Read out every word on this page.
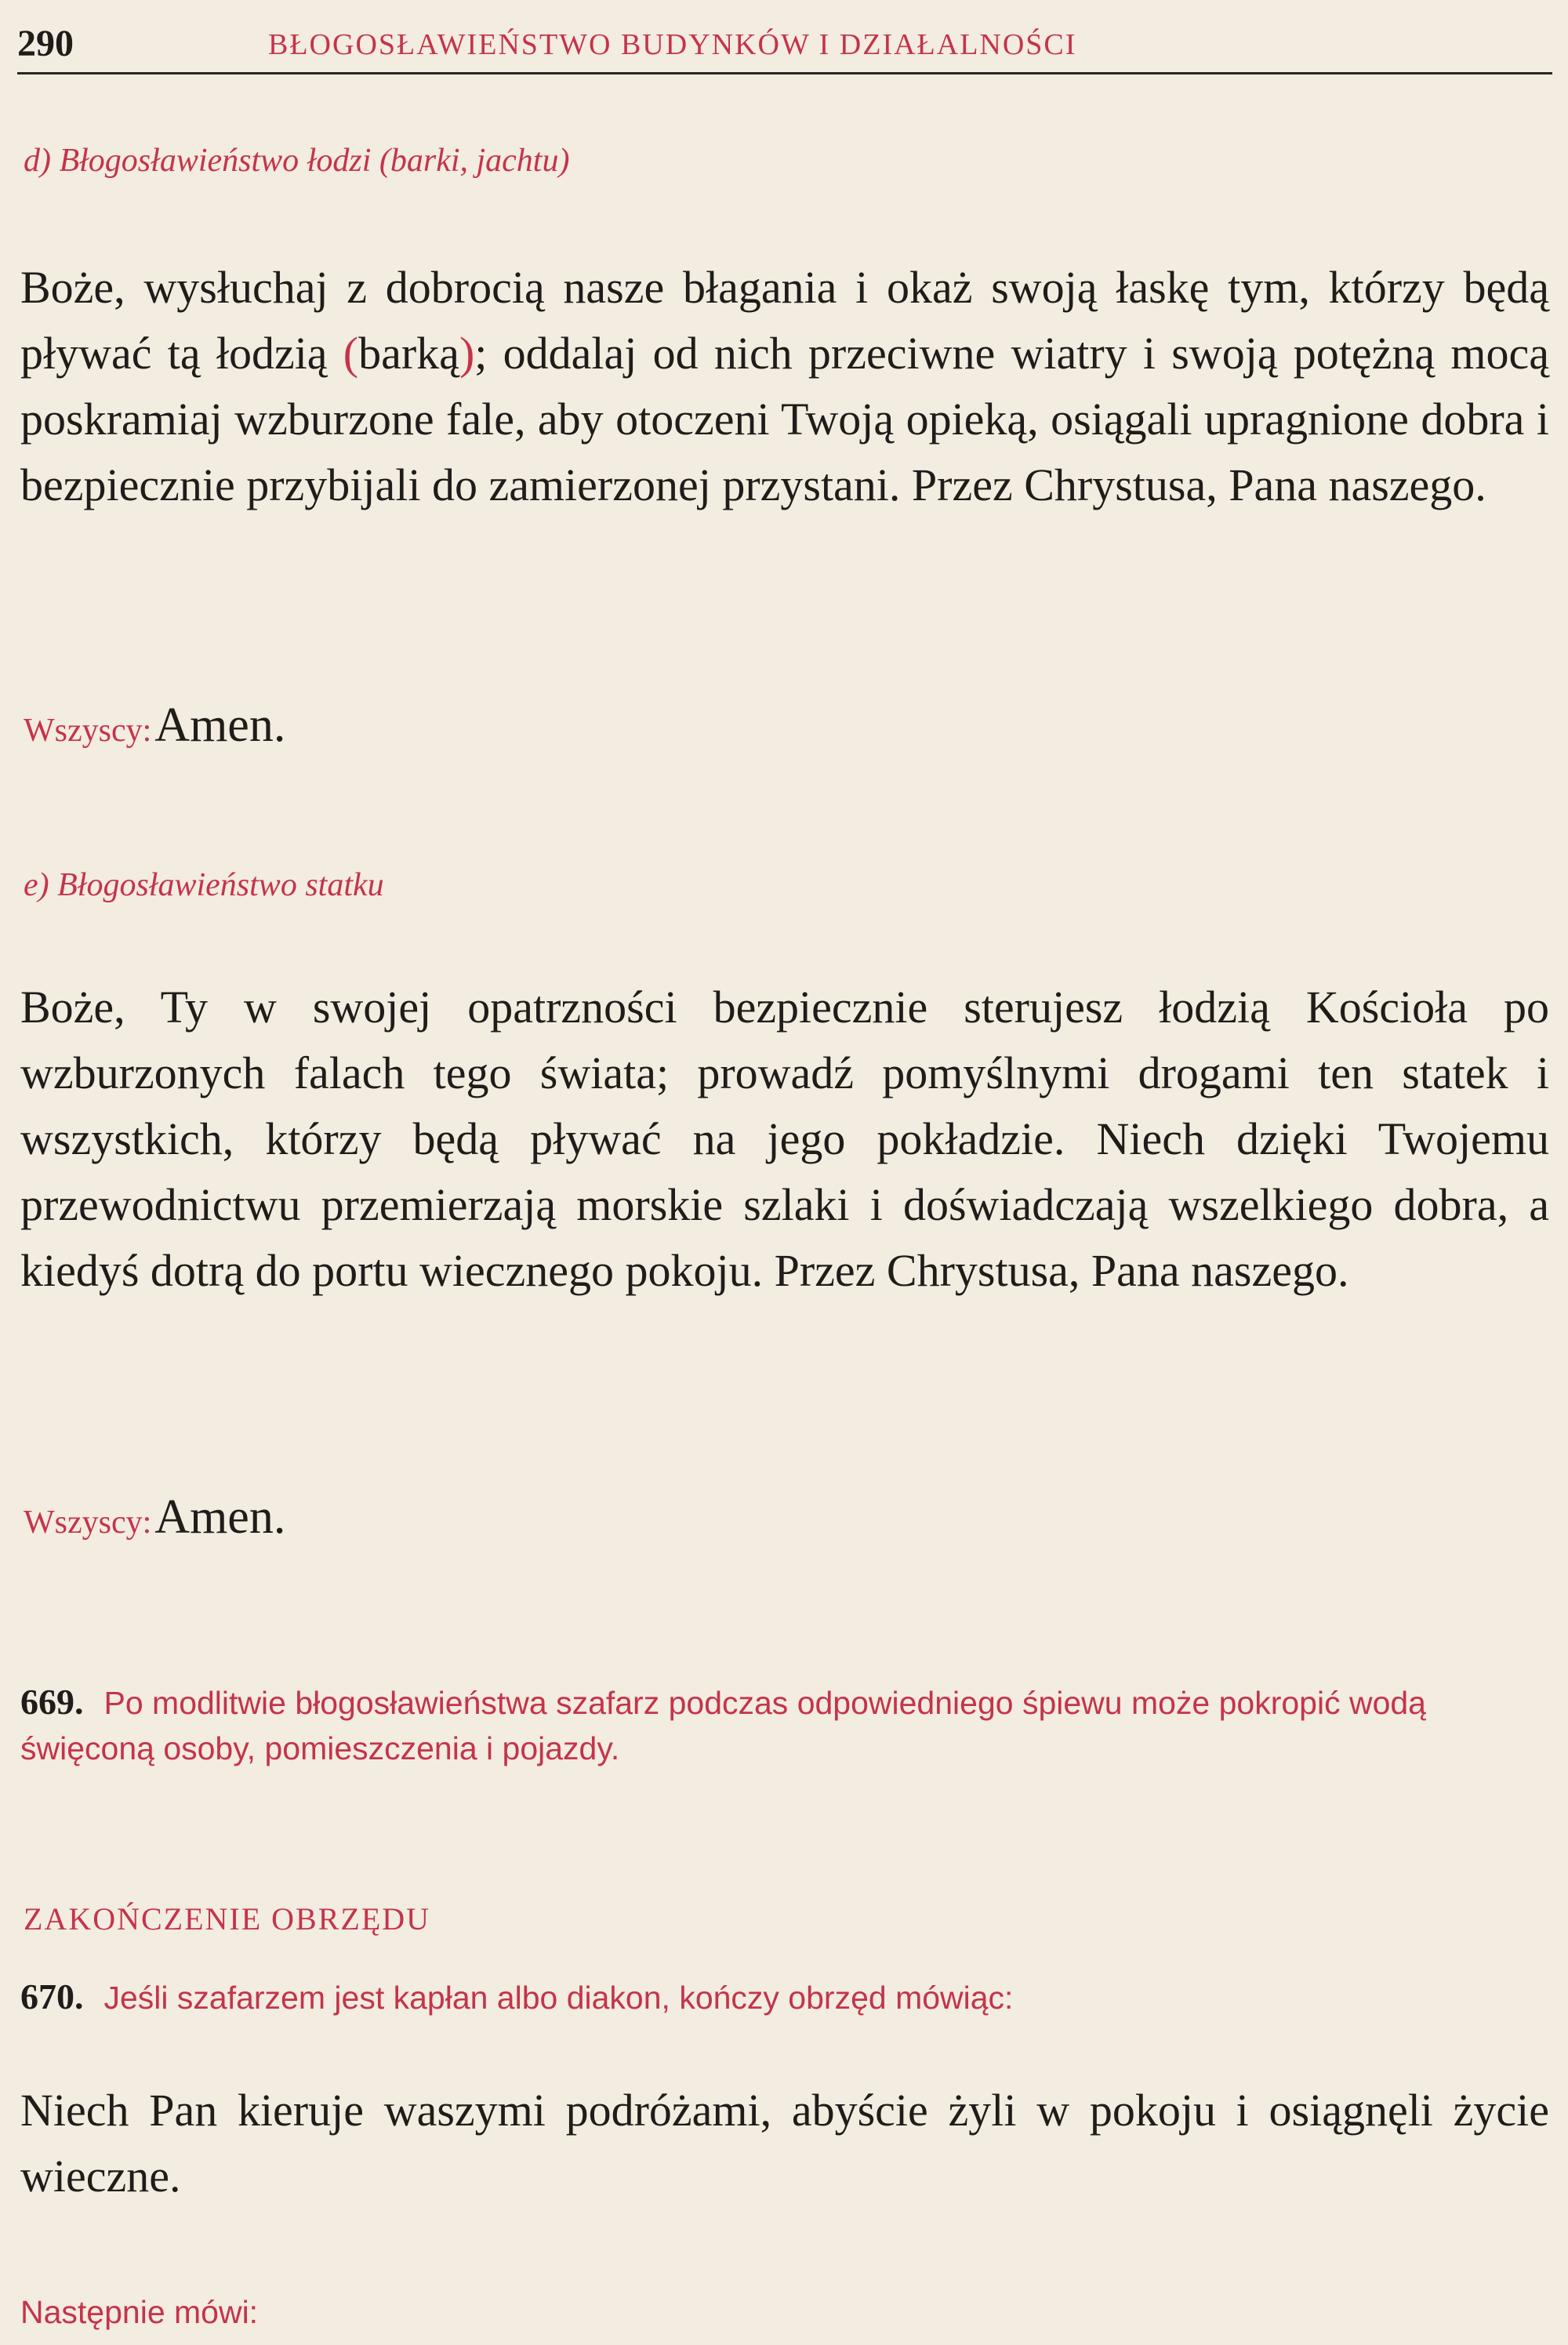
290	BŁOGOSŁAWIEŃSTWO BUDYNKÓW I DZIAŁALNOŚCI
d) Błogosławieństwo łodzi (barki, jachtu)

Boże, wysłuchaj z dobrocią nasze błagania i okaż swoją łaskę tym, którzy będą pływać tą łodzią (barką); oddalaj od nich przeciwne wiatry i swoją potężną mocą poskramiaj wzburzone fale, aby otoczeni Twoją opieką, osiągali upragnione dobra i bezpiecznie przybijali do zamierzonej przystani. Przez Chrystusa, Pana naszego.

Wszyscy: Amen.
e) Błogosławieństwo statku

Boże, Ty w swojej opatrzności bezpiecznie sterujesz łodzią Kościoła po wzburzonych falach tego świata; prowadź pomyślnymi drogami ten statek i wszystkich, którzy będą pływać na jego pokładzie. Niech dzięki Twojemu przewodnictwu przemierzają morskie szlaki i doświadczają wszelkiego dobra, a kiedyś dotrą do portu wiecznego pokoju. Przez Chrystusa, Pana naszego.

Wszyscy: Amen.

669. Po modlitwie błogosławieństwa szafarz podczas odpowiedniego śpiewu może pokropić wodą święconą osoby, pomieszczenia i pojazdy.

ZAKOŃCZENIE OBRZĘDU

670. Jeśli szafarzem jest kapłan albo diakon, kończy obrzęd mówiąc:

Niech Pan kieruje waszymi podróżami, abyście żyli w pokoju i osiągnęli życie wieczne.

Następnie mówi:
